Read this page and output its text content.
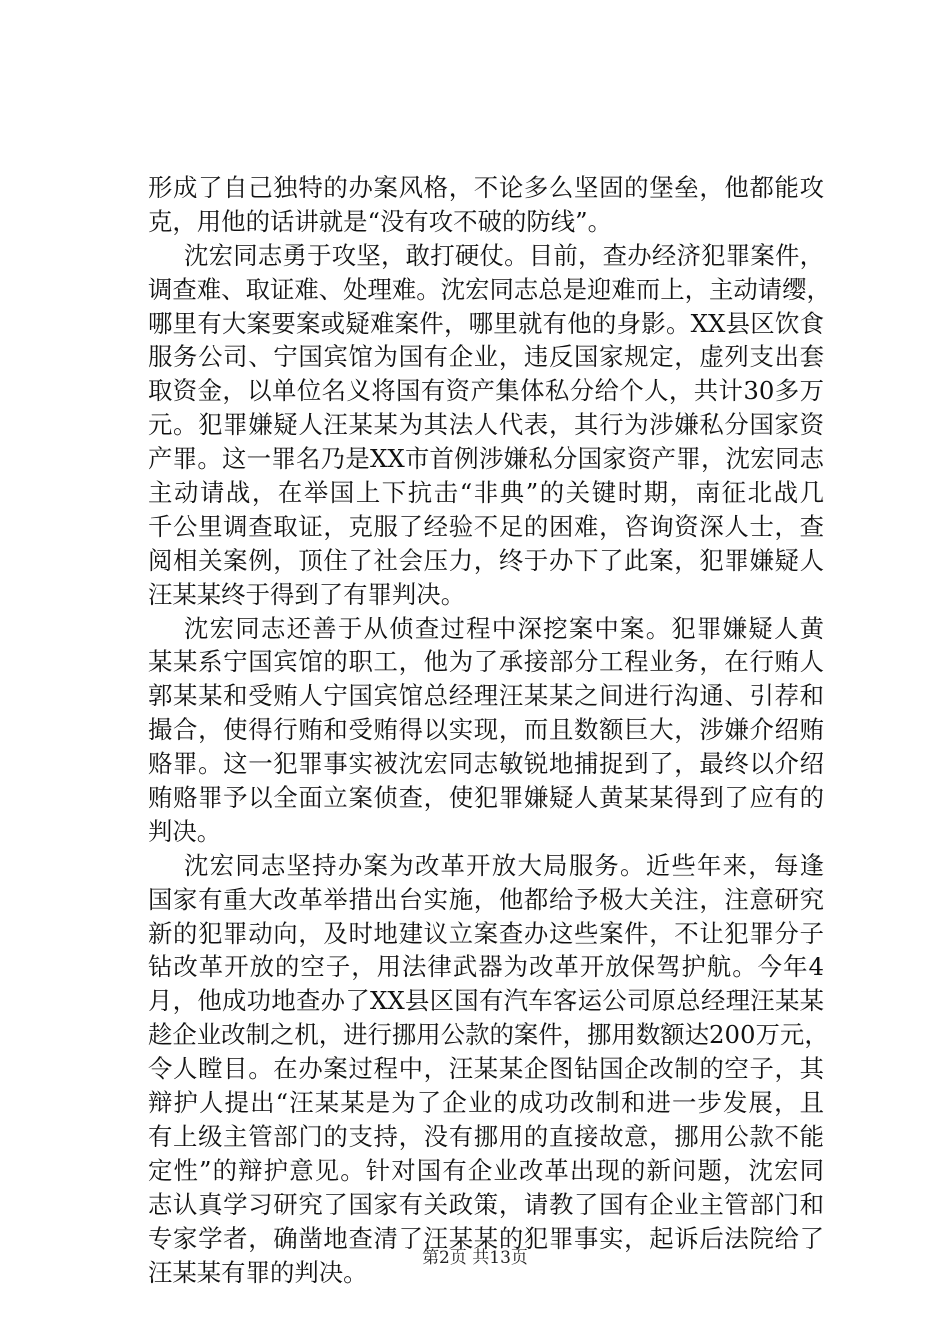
形成了自己独特的办案风格，不论多么坚固的堡垒，他都能攻
克，用他的话讲就是“没有攻不破的防线”。
沈宏同志勇于攻坚，敢打硬仗。目前，查办经济犯罪案件，
调查难、取证难、处理难。沈宏同志总是迎难而上，主动请缨，
哪里有大案要案或疑难案件，哪里就有他的身影。XX县区饮食
服务公司、宁国宾馆为国有企业，违反国家规定，虚列支出套
取资金，以单位名义将国有资产集体私分给个人，共计30多万
元。犯罪嫌疑人汪某某为其法人代表，其行为涉嫌私分国家资
产罪。这一罪名乃是XX市首例涉嫌私分国家资产罪，沈宏同志
主动请战，在举国上下抗击“非典”的关键时期，南征北战几
千公里调查取证，克服了经验不足的困难，咨询资深人士，查
阅相关案例，顶住了社会压力，终于办下了此案，犯罪嫌疑人
汪某某终于得到了有罪判决。
沈宏同志还善于从侦查过程中深挖案中案。犯罪嫌疑人黄
某某系宁国宾馆的职工，他为了承接部分工程业务，在行贿人
郭某某和受贿人宁国宾馆总经理汪某某之间进行沟通、引荐和
撮合，使得行贿和受贿得以实现，而且数额巨大，涉嫌介绍贿
赂罪。这一犯罪事实被沈宏同志敏锐地捕捉到了，最终以介绍
贿赂罪予以全面立案侦查，使犯罪嫌疑人黄某某得到了应有的
判决。
沈宏同志坚持办案为改革开放大局服务。近些年来，每逢
国家有重大改革举措出台实施，他都给予极大关注，注意研究
新的犯罪动向，及时地建议立案查办这些案件，不让犯罪分子
钻改革开放的空子，用法律武器为改革开放保驾护航。今年4
月，他成功地查办了XX县区国有汽车客运公司原总经理汪某某
趁企业改制之机，进行挪用公款的案件，挪用数额达200万元，
令人瞠目。在办案过程中，汪某某企图钻国企改制的空子，其
辩护人提出“汪某某是为了企业的成功改制和进一步发展，且
有上级主管部门的支持，没有挪用的直接故意，挪用公款不能
定性”的辩护意见。针对国有企业改革出现的新问题，沈宏同
志认真学习研究了国家有关政策，请教了国有企业主管部门和
专家学者，确凿地查清了汪某某的犯罪事实，起诉后法院给了
汪某某有罪的判决。	第2页 共13页
